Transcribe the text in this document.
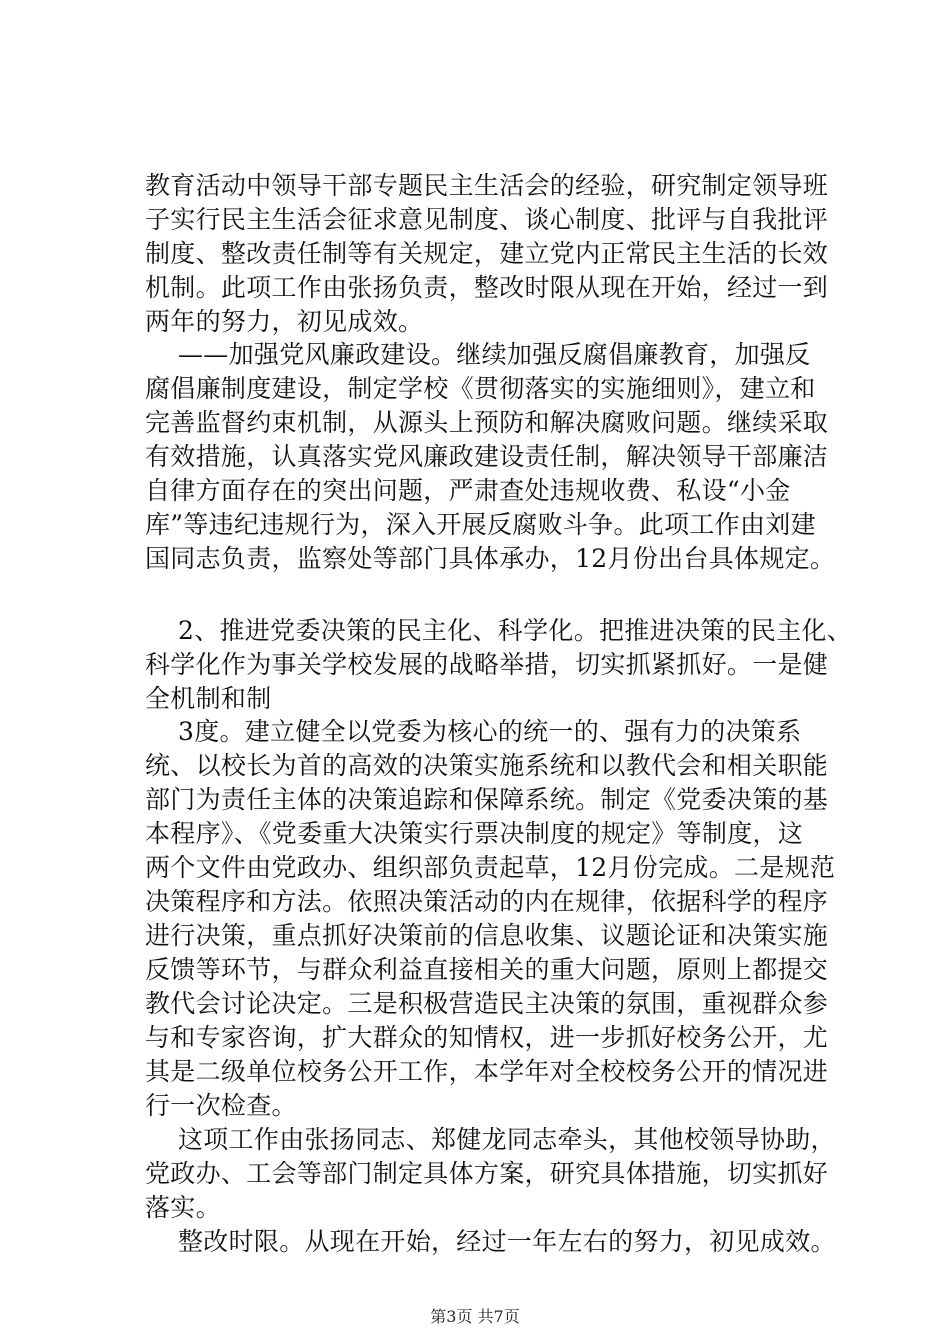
教育活动中领导干部专题民主生活会的经验，研究制定领导班
子实行民主生活会征求意见制度、谈心制度、批评与自我批评
制度、整改责任制等有关规定，建立党内正常民主生活的长效
机制。此项工作由张扬负责，整改时限从现在开始，经过一到
两年的努力，初见成效。
——加强党风廉政建设。继续加强反腐倡廉教育，加强反
腐倡廉制度建设，制定学校《贯彻落实的实施细则》，建立和
完善监督约束机制，从源头上预防和解决腐败问题。继续采取
有效措施，认真落实党风廉政建设责任制，解决领导干部廉洁
自律方面存在的突出问题，严肃查处违规收费、私设“小金
库”等违纪违规行为，深入开展反腐败斗争。此项工作由刘建
国同志负责，监察处等部门具体承办，12月份出台具体规定。
2、推进党委决策的民主化、科学化。把推进决策的民主化、
科学化作为事关学校发展的战略举措，切实抓紧抓好。一是健
全机制和制
3度。建立健全以党委为核心的统一的、强有力的决策系
统、以校长为首的高效的决策实施系统和以教代会和相关职能
部门为责任主体的决策追踪和保障系统。制定《党委决策的基
本程序》、《党委重大决策实行票决制度的规定》等制度，这
两个文件由党政办、组织部负责起草，12月份完成。二是规范
决策程序和方法。依照决策活动的内在规律，依据科学的程序
进行决策，重点抓好决策前的信息收集、议题论证和决策实施
反馈等环节，与群众利益直接相关的重大问题，原则上都提交
教代会讨论决定。三是积极营造民主决策的氛围，重视群众参
与和专家咨询，扩大群众的知情权，进一步抓好校务公开，尤
其是二级单位校务公开工作，本学年对全校校务公开的情况进
行一次检查。
这项工作由张扬同志、郑健龙同志牵头，其他校领导协助，
党政办、工会等部门制定具体方案，研究具体措施，切实抓好
落实。
整改时限。从现在开始，经过一年左右的努力，初见成效。
第3页 共7页
